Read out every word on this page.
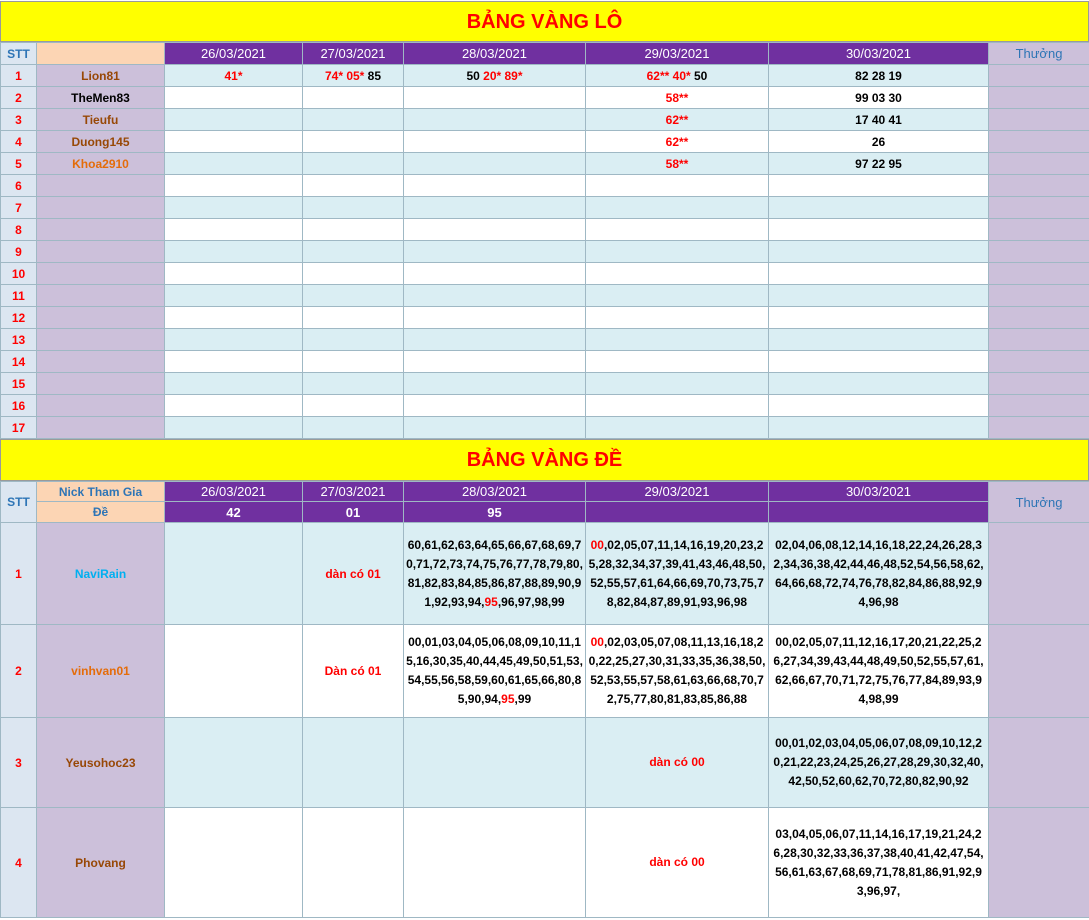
BẢNG VÀNG LÔ
STT		26/03/2021	27/03/2021	28/03/2021	29/03/2021	30/03/2021	Thưởng
1	Lion81	41*	74* 05* 85	50 20* 89*	62** 40* 50	82 28 19	
2	TheMen83				58**	99 03 30	
3	Tieufu				62**	17 40 41	
4	Duong145				62**	26	
5	Khoa2910				58**	97 22 95	
6							
7							
8							
9							
10							
11							
12							
13							
14							
15							
16							
17							
BẢNG VÀNG ĐỀ
STT	Nick Tham Gia	26/03/2021	27/03/2021	28/03/2021	29/03/2021	30/03/2021	Thưởng
	Đề	42	01	95			
1	NaviRain		dàn có 01	60,61,62,63,64,65,66,67,68,69,70,71,72,73,74,75,76,77,78,79,80,81,82,83,84,85,86,87,88,89,90,91,92,93,94,95,96,97,98,99	00,02,05,07,11,14,16,19,20,23,25,28,32,34,37,39,41,43,46,48,50,52,55,57,61,64,66,69,70,73,75,78,82,84,87,89,91,93,96,98	02,04,06,08,12,14,16,18,22,24,26,28,32,34,36,38,42,44,46,48,52,54,56,58,62,64,66,68,72,74,76,78,82,84,86,88,92,94,96,98	
2	vinhvan01		Dàn có 01	00,01,03,04,05,06,08,09,10,11,15,16,30,35,40,44,45,49,50,51,53,54,55,56,58,59,60,61,65,66,80,85,90,94,95,99	00,02,03,05,07,08,11,13,16,18,20,22,25,27,30,31,33,35,36,38,50,52,53,55,57,58,61,63,66,68,70,72,75,77,80,81,83,85,86,88	00,02,05,07,11,12,16,17,20,21,22,25,26,27,34,39,43,44,48,49,50,52,55,57,61,62,66,67,70,71,72,75,76,77,84,89,93,94,98,99	
3	Yeusohoc23				dàn có 00	00,01,02,03,04,05,06,07,08,09,10,12,20,21,22,23,24,25,26,27,28,29,30,32,40,42,50,52,60,62,70,72,80,82,90,92	
4	Phovang				dàn có 00	03,04,05,06,07,11,14,16,17,19,21,24,26,28,30,32,33,36,37,38,40,41,42,47,54,56,61,63,67,68,69,71,78,81,86,91,92,93,96,97,	
